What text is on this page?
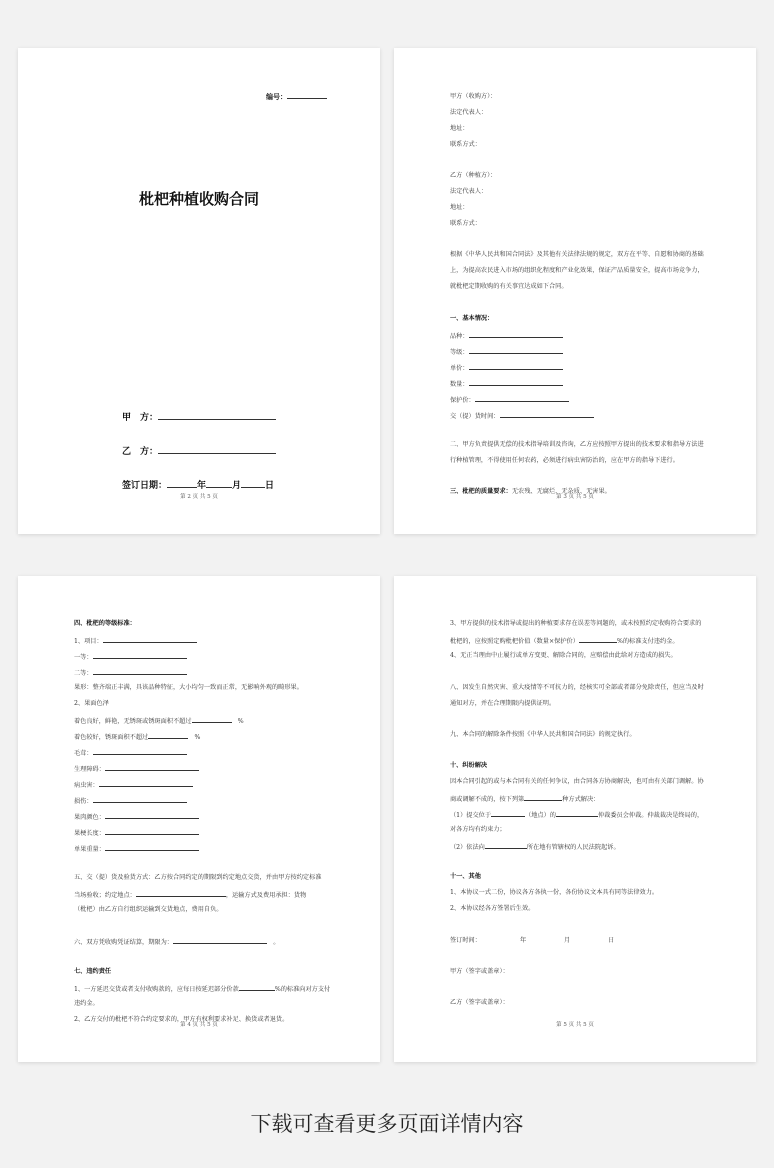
编号：
枇杷种植收购合同
甲　方：
乙　方：
签订日期：	年	月	日
第 2 页 共 5 页
甲方（收购方）：
法定代表人：
地址：
联系方式：
乙方（种植方）：
法定代表人：
地址：
联系方式：
根据《中华人民共和国合同法》及其他有关法律法规的规定，双方在平等、自愿和协商的基础
上，为提高农民进入市场的组织化程度和产业化效果，保证产品质量安全，提高市场竞争力，
就枇杷定期收购的有关事宜达成如下合同。
一、基本情况：
品种：
等级：
单价：
数量：
保护价：
交（提）货时间：
二、甲方负责提供无偿的技术指导培训及咨询，乙方应按照甲方提出的技术要求和指导方法进
行种植管理，不得使用任何农药，必须进行病虫害防治的，应在甲方的指导下进行。
三、枇杷的质量要求：无农残、无腐烂、无杂质、无害果。
第 3 页 共 5 页
四、枇杷的等级标准：
1、项目：
一等：
二等：
果形：整齐端正丰满，具该品种特征，大小均匀一致而正常，无影响外观的畸形果。
2、果面色泽
着色良好，鲜艳，无锈斑或锈斑面积不超过　	%
着色较好，锈斑面积不超过　	%
毛茸：
生理障碍：
病虫害：
损伤：
果肉颜色：
果梗长度：
单果重量：
五、交（提）货及验货方式：乙方按合同约定的期限到约定地点交货，并由甲方按约定标准
当场验收；约定地点：	，运输方式及费用承担：货物
（枇杷）由乙方自行组织运输到交货地点，费用自负。
六、双方凭收购凭证结算，期限为：　	。
七、违约责任
1、一方延迟交货或者支付收购款的，应每日按延迟部分价款	%的标准向对方支付
违约金。
2、乙方交付的枇杷不符合约定要求的，甲方有权利要求补足、换货或者退货。
第 4 页 共 5 页
3、甲方提供的技术指导或提出的种植要求存在误差等问题的，或未按照约定收购符合要求的
枇杷的，应按照定购枇杷价值（数量×保护价）	%的标准支付违约金。
4、无正当理由中止履行或单方变更、解除合同的，应赔偿由此给对方造成的损失。
八、因发生自然灾害、重大疫情等不可抗力的，经核实可全部或者部分免除责任，但应当及时
通知对方，并在合理期限内提供证明。
九、本合同的解除条件按照《中华人民共和国合同法》的规定执行。
十、纠纷解决
因本合同引起的或与本合同有关的任何争议，由合同各方协商解决，也可由有关部门调解。协
商或调解不成的，按下列第	种方式解决：
（1）提交位于	（地点）的	仲裁委员会仲裁。仲裁裁决是终局的，
对各方均有约束力；
（2）依法向	所在地有管辖权的人民法院起诉。
十一、其他
1、本协议一式二份，协议各方各执一份，各份协议文本具有同等法律效力。
2、本协议经各方签署后生效。
签订时间：	年	月	日
甲方（签字或盖章）：
乙方（签字或盖章）：
第 5 页 共 5 页
下载可查看更多页面详情内容
